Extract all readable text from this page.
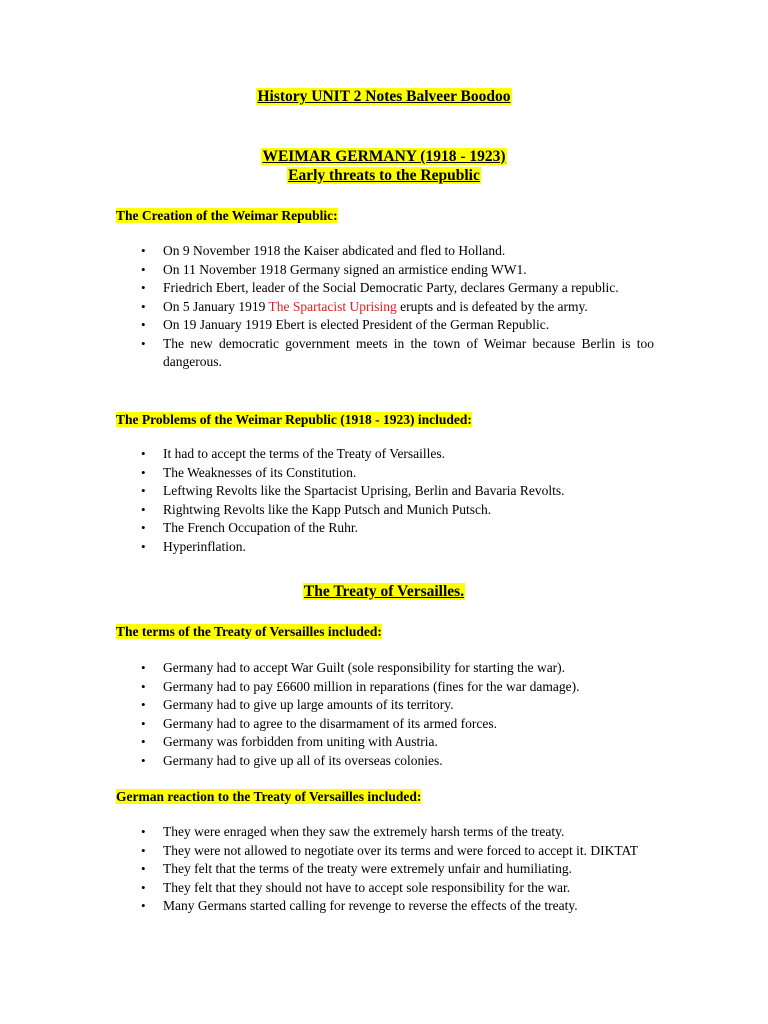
History UNIT 2 Notes Balveer Boodoo
WEIMAR GERMANY (1918 - 1923)
Early threats to the Republic
The Creation of the Weimar Republic:
• On 9 November 1918 the Kaiser abdicated and fled to Holland.
• On 11 November 1918 Germany signed an armistice ending WW1.
• Friedrich Ebert, leader of the Social Democratic Party, declares Germany a republic.
• On 5 January 1919 The Spartacist Uprising erupts and is defeated by the army.
• On 19 January 1919 Ebert is elected President of the German Republic.
• The new democratic government meets in the town of Weimar because Berlin is too dangerous.
The Problems of the Weimar Republic (1918 - 1923) included:
• It had to accept the terms of the Treaty of Versailles.
• The Weaknesses of its Constitution.
• Leftwing Revolts like the Spartacist Uprising, Berlin and Bavaria Revolts.
• Rightwing Revolts like the Kapp Putsch and Munich Putsch.
• The French Occupation of the Ruhr.
• Hyperinflation.
The Treaty of Versailles.
The terms of the Treaty of Versailles included:
• Germany had to accept War Guilt (sole responsibility for starting the war).
• Germany had to pay £6600 million in reparations (fines for the war damage).
• Germany had to give up large amounts of its territory.
• Germany had to agree to the disarmament of its armed forces.
• Germany was forbidden from uniting with Austria.
• Germany had to give up all of its overseas colonies.
German reaction to the Treaty of Versailles included:
• They were enraged when they saw the extremely harsh terms of the treaty.
• They were not allowed to negotiate over its terms and were forced to accept it. DIKTAT
• They felt that the terms of the treaty were extremely unfair and humiliating.
• They felt that they should not have to accept sole responsibility for the war.
• Many Germans started calling for revenge to reverse the effects of the treaty.
